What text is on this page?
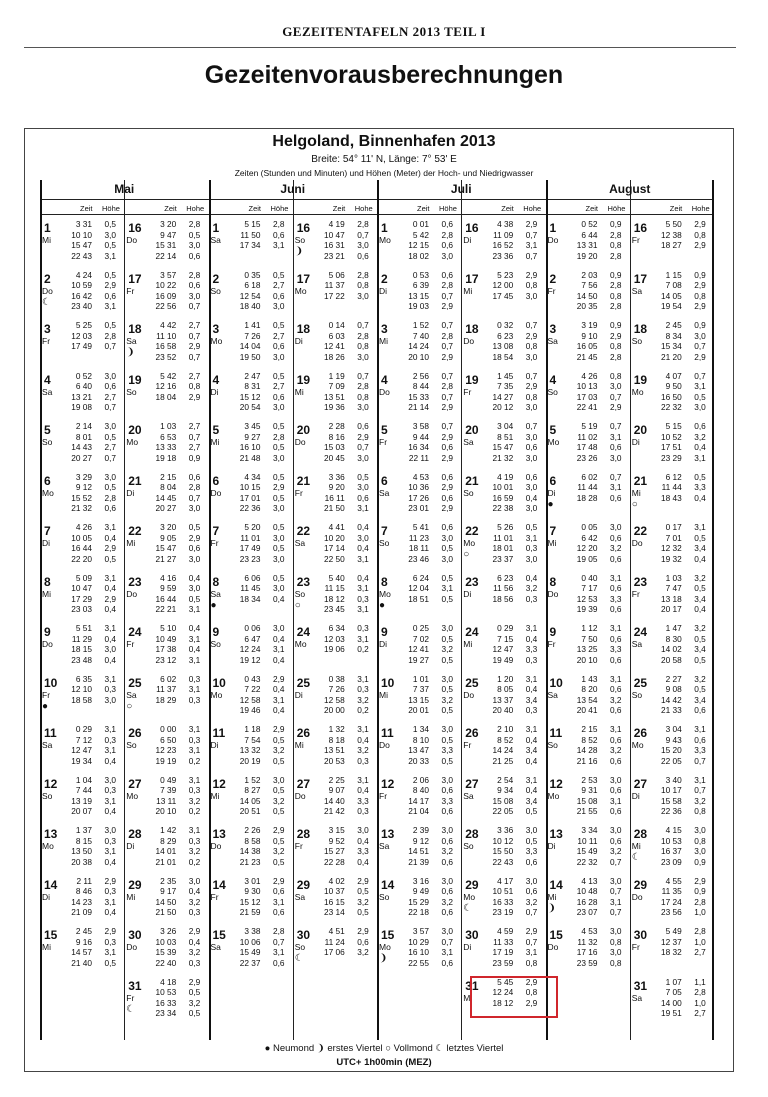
GEZEITENTAFELN 2013 TEIL I
Gezeitenvorausberechnungen
Helgoland, Binnenhafen 2013
Breite: 54° 11' N, Länge: 7° 53' E
Zeiten (Stunden und Minuten) und Höhen (Meter) der Hoch- und Niedrigwasser
Mai
Zeit Höhe	Zeit Hohe
1
Mi
3 31	0,5
10 10	3,0
15 47	0,5
22 43	3,1
2
Do
☾
4 24	0,5
10 59	2,9
16 42	0,6
23 40	3,1
3
Fr
5 25	0,5
12 03	2,8
17 49	0,7
4
Sa
0 52	3,0
6 40	0,6
13 21	2,7
19 08	0,7
5
So
2 14	3,0
8 01	0,5
14 43	2,7
20 27	0,7
6
Mo
3 29	3,0
9 12	0,5
15 52	2,8
21 32	0,6
7
Di
4 26	3,1
10 05	0,4
16 44	2,9
22 20	0,5
8
Mi
5 09	3,1
10 47	0,4
17 29	2,9
23 03	0,4
9
Do
5 51	3,1
11 29	0,4
18 15	3,0
23 48	0,4
10
Fr
●
6 35	3,1
12 10	0,3
18 58	3,0
11
Sa
0 29	3,1
7 12	0,3
12 47	3,1
19 34	0,4
12
So
1 04	3,0
7 44	0,3
13 19	3,1
20 07	0,4
13
Mo
1 37	3,0
8 15	0,3
13 50	3,1
20 38	0,4
14
Di
2 11	2,9
8 46	0,3
14 23	3,1
21 09	0,4
15
Mi
2 45	2,9
9 16	0,3
14 57	3,1
21 40	0,5
16
Do
3 20	2,8
9 47	0,5
15 31	3,0
22 14	0,6
17
Fr
3 57	2,8
10 22	0,6
16 09	3,0
22 56	0,7
18
Sa
❩
4 42	2,7
11 10	0,7
16 58	2,9
23 52	0,7
19
So
5 42	2,7
12 16	0,8
18 04	2,9
20
Mo
1 03	2,7
6 53	0,7
13 33	2,7
19 18	0,9
21
Di
2 15	0,6
8 04	2,8
14 45	0,7
20 27	3,0
22
Mi
3 20	0,5
9 05	2,9
15 47	0,6
21 27	3,0
23
Do
4 16	0,4
9 59	3,0
16 44	0,5
22 21	3,1
24
Fr
5 10	0,4
10 49	3,1
17 38	0,4
23 12	3,1
25
Sa
○
6 02	0,3
11 37	3,1
18 29	0,3
26
So
0 00	3,1
6 50	0,3
12 23	3,1
19 19	0,2
27
Mo
0 49	3,1
7 39	0,3
13 11	3,2
20 10	0,2
28
Di
1 42	3,1
8 29	0,3
14 01	3,2
21 01	0,2
29
Mi
2 35	3,0
9 17	0,4
14 50	3,2
21 50	0,3
30
Do
3 26	2,9
10 03	0,4
15 39	3,2
22 40	0,3
31
Fr
☾
4 18	2,9
10 53	0,5
16 33	3,2
23 34	0,5
Juni
Zeit Höhe	Zeit Hohe
1
Sa
5 15	2,8
11 50	0,6
17 34	3,1
2
So
0 35	0,5
6 18	2,7
12 54	0,6
18 40	3,0
3
Mo
1 41	0,5
7 26	2,7
14 04	0,6
19 50	3,0
4
Di
2 47	0,5
8 31	2,7
15 12	0,6
20 54	3,0
5
Mi
3 45	0,5
9 27	2,8
16 10	0,5
21 48	3,0
6
Do
4 34	0,5
10 15	2,9
17 01	0,5
22 36	3,0
7
Fr
5 20	0,5
11 01	3,0
17 49	0,5
23 23	3,0
8
Sa
●
6 06	0,5
11 45	3,0
18 34	0,4
9
So
0 06	3,0
6 47	0,4
12 24	3,1
19 12	0,4
10
Mo
0 43	2,9
7 22	0,4
12 58	3,1
19 46	0,4
11
Di
1 18	2,9
7 54	0,5
13 32	3,2
20 19	0,5
12
Mi
1 52	3,0
8 27	0,5
14 05	3,2
20 51	0,5
13
Do
2 26	2,9
8 58	0,5
14 38	3,2
21 23	0,5
14
Fr
3 01	2,9
9 30	0,6
15 12	3,1
21 59	0,6
15
Sa
3 38	2,8
10 06	0,7
15 49	3,1
22 37	0,6
16
So
❩
4 19	2,8
10 47	0,7
16 31	3,0
23 21	0,6
17
Mo
5 06	2,8
11 37	0,8
17 22	3,0
18
Di
0 14	0,7
6 03	2,8
12 41	0,8
18 26	3,0
19
Mi
1 19	0,7
7 09	2,8
13 51	0,8
19 36	3,0
20
Do
2 28	0,6
8 16	2,9
15 03	0,7
20 45	3,0
21
Fr
3 36	0,5
9 20	3,0
16 11	0,6
21 50	3,1
22
Sa
4 41	0,4
10 20	3,0
17 14	0,4
22 50	3,1
23
So
○
5 40	0,4
11 15	3,1
18 12	0,3
23 45	3,1
24
Mo
6 34	0,3
12 03	3,1
19 06	0,2
25
Di
0 38	3,1
7 26	0,3
12 58	3,2
20 00	0,2
26
Mi
1 32	3,1
8 18	0,4
13 51	3,2
20 53	0,3
27
Do
2 25	3,1
9 07	0,4
14 40	3,3
21 42	0,3
28
Fr
3 15	3,0
9 52	0,4
15 27	3,3
22 28	0,4
29
Sa
4 02	2,9
10 37	0,5
16 15	3,2
23 14	0,5
30
So
☾
4 51	2,9
11 24	0,6
17 06	3,2
Juli
Zeit Höhe	Zeit Hohe
1
Mo
0 01	0,6
5 42	2,8
12 15	0,6
18 02	3,0
2
Di
0 53	0,6
6 39	2,8
13 15	0,7
19 03	2,9
3
Mi
1 52	0,7
7 40	2,8
14 24	0,7
20 10	2,9
4
Do
2 56	0,7
8 44	2,8
15 33	0,7
21 14	2,9
5
Fr
3 58	0,7
9 44	2,9
16 34	0,6
22 11	2,9
6
Sa
4 53	0,6
10 36	2,9
17 26	0,6
23 01	2,9
7
So
5 41	0,6
11 23	3,0
18 11	0,5
23 46	3,0
8
Mo
●
6 24	0,5
12 04	3,1
18 51	0,5
9
Di
0 25	3,0
7 02	0,5
12 41	3,2
19 27	0,5
10
Mi
1 01	3,0
7 37	0,5
13 15	3,2
20 01	0,5
11
Do
1 34	3,0
8 10	0,5
13 47	3,3
20 33	0,5
12
Fr
2 06	3,0
8 40	0,6
14 17	3,3
21 04	0,6
13
Sa
2 39	3,0
9 12	0,6
14 51	3,2
21 39	0,6
14
So
3 16	3,0
9 49	0,6
15 29	3,2
22 18	0,6
15
Mo
❩
3 57	3,0
10 29	0,7
16 10	3,1
22 55	0,6
16
Di
4 38	2,9
11 09	0,7
16 52	3,1
23 36	0,7
17
Mi
5 23	2,9
12 00	0,8
17 45	3,0
18
Do
0 32	0,7
6 23	2,9
13 08	0,8
18 54	3,0
19
Fr
1 45	0,7
7 35	2,9
14 27	0,8
20 12	3,0
20
Sa
3 04	0,7
8 51	3,0
15 47	0,6
21 32	3,0
21
So
4 19	0,6
10 01	3,0
16 59	0,4
22 38	3,0
22
Mo
○
5 26	0,5
11 01	3,1
18 01	0,3
23 37	3,0
23
Di
6 23	0,4
11 56	3,2
18 56	0,3
24
Mi
0 29	3,1
7 15	0,4
12 47	3,3
19 49	0,3
25
Do
1 20	3,1
8 05	0,4
13 37	3,4
20 40	0,3
26
Fr
2 10	3,1
8 52	0,4
14 24	3,4
21 25	0,4
27
Sa
2 54	3,1
9 34	0,4
15 08	3,4
22 05	0,5
28
So
3 36	3,0
10 12	0,5
15 50	3,3
22 43	0,6
29
Mo
☾
4 17	3,0
10 51	0,6
16 33	3,2
23 19	0,7
30
Di
4 59	2,9
11 33	0,7
17 19	3,1
23 59	0,8
31
Mi
5 45	2,9
12 24	0,8
18 12	2,9
August
Zeit Höhe	Zeit Hohe
1
Do
0 52	0,9
6 44	2,8
13 31	0,8
19 20	2,8
2
Fr
2 03	0,9
7 56	2,8
14 50	0,8
20 35	2,8
3
Sa
3 19	0,9
9 10	2,9
16 05	0,8
21 45	2,8
4
So
4 26	0,8
10 13	3,0
17 03	0,7
22 41	2,9
5
Mo
5 19	0,7
11 02	3,1
17 48	0,6
23 26	3,0
6
Di
●
6 02	0,7
11 44	3,1
18 28	0,6
7
Mi
0 05	3,0
6 42	0,6
12 20	3,2
19 05	0,6
8
Do
0 40	3,1
7 17	0,6
12 53	3,3
19 39	0,6
9
Fr
1 12	3,1
7 50	0,6
13 25	3,3
20 10	0,6
10
Sa
1 43	3,1
8 20	0,6
13 54	3,2
20 41	0,6
11
So
2 15	3,1
8 52	0,6
14 28	3,2
21 16	0,6
12
Mo
2 53	3,0
9 31	0,6
15 08	3,1
21 55	0,6
13
Di
3 34	3,0
10 11	0,6
15 49	3,2
22 32	0,7
14
Mi
❩
4 13	3,0
10 48	0,7
16 28	3,1
23 07	0,7
15
Do
4 53	3,0
11 32	0,8
17 16	3,0
23 59	0,8
16
Fr
5 50	2,9
12 38	0,8
18 27	2,9
17
Sa
1 15	0,9
7 08	2,9
14 05	0,8
19 54	2,9
18
So
2 45	0,9
8 34	3,0
15 34	0,7
21 20	2,9
19
Mo
4 07	0,7
9 50	3,1
16 50	0,5
22 32	3,0
20
Di
5 15	0,6
10 52	3,2
17 51	0,4
23 29	3,1
21
Mi
○
6 12	0,5
11 44	3,3
18 43	0,4
22
Do
0 17	3,1
7 01	0,5
12 32	3,4
19 32	0,4
23
Fr
1 03	3,2
7 47	0,5
13 18	3,4
20 17	0,4
24
Sa
1 47	3,2
8 30	0,5
14 02	3,4
20 58	0,5
25
So
2 27	3,2
9 08	0,5
14 42	3,4
21 33	0,6
26
Mo
3 04	3,1
9 43	0,6
15 20	3,3
22 05	0,7
27
Di
3 40	3,1
10 17	0,7
15 58	3,2
22 36	0,8
28
Mi
☾
4 15	3,0
10 53	0,8
16 37	3,0
23 09	0,9
29
Do
4 55	2,9
11 35	0,9
17 24	2,8
23 56	1,0
30
Fr
5 49	2,8
12 37	1,0
18 32	2,7
31
Sa
1 07	1,1
7 05	2,8
14 00	1,0
19 51	2,7
● Neumond ❩ erstes Viertel ○ Vollmond ☾ letztes Viertel
UTC+ 1h00min (MEZ)
